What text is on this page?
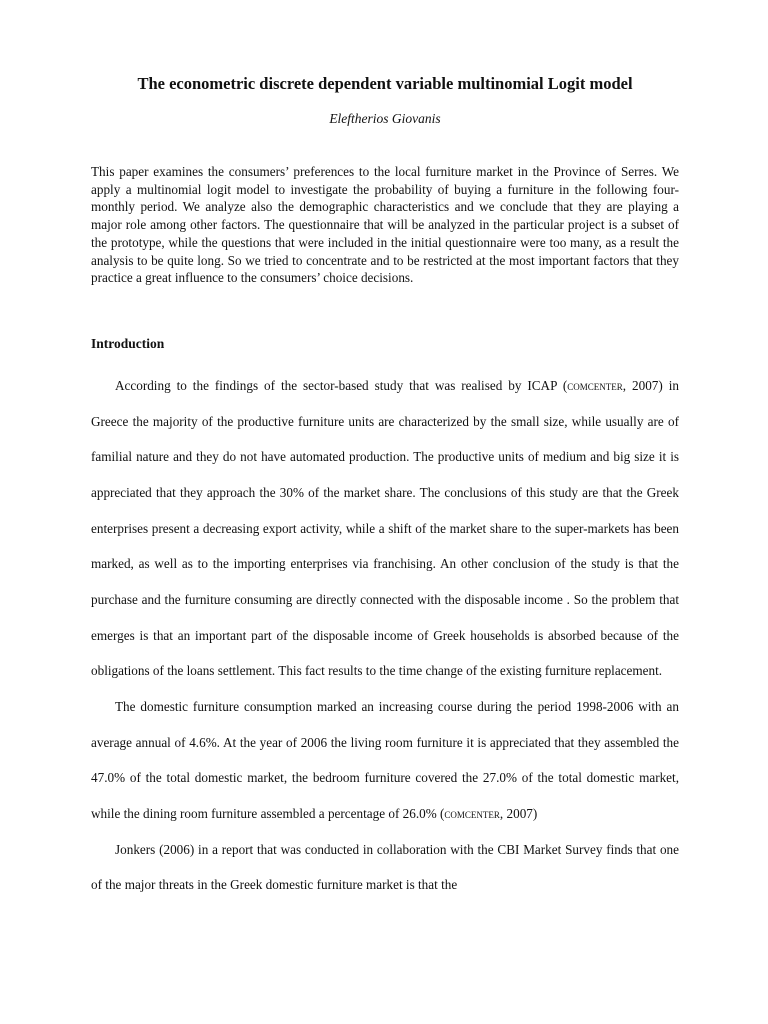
The econometric discrete dependent variable multinomial Logit model
Eleftherios Giovanis

This paper examines the consumers’ preferences to the local furniture market in the Province of Serres. We apply a multinomial logit model to investigate the probability of buying a furniture in the following four-monthly period. We analyze also the demographic characteristics and we conclude that they are playing a major role among other factors. The questionnaire that will be analyzed in the particular project is a subset of the prototype, while the questions that were included in the initial questionnaire were too many, as a result the analysis to be quite long. So we tried to concentrate and to be restricted at the most important factors that they practice a great influence to the consumers’ choice decisions.

Introduction

According to the findings of the sector-based study that was realised by ICAP (comcenter, 2007) in Greece the majority of the productive furniture units are characterized by the small size, while usually are of familial nature and they do not have automated production. The productive units of medium and big size it is appreciated that they approach the 30% of the market share. The conclusions of this study are that the Greek enterprises present a decreasing export activity, while a shift of the market share to the super-markets has been marked, as well as to the importing enterprises via franchising. An other conclusion of the study is that the purchase and the furniture consuming are directly connected with the disposable income . So the problem that emerges is that an important part of the disposable income of Greek households is absorbed because of the obligations of the loans settlement. This fact results to the time change of the existing furniture replacement.

The domestic furniture consumption marked an increasing course during the period 1998-2006 with an average annual of 4.6%. At the year of 2006 the living room furniture it is appreciated that they assembled the 47.0% of the total domestic market, the bedroom furniture covered the 27.0% of the total domestic market, while the dining room furniture assembled a percentage of 26.0% (comcenter, 2007)

Jonkers (2006) in a report that was conducted in collaboration with the CBI Market Survey finds that one of the major threats in the Greek domestic furniture market is that the
